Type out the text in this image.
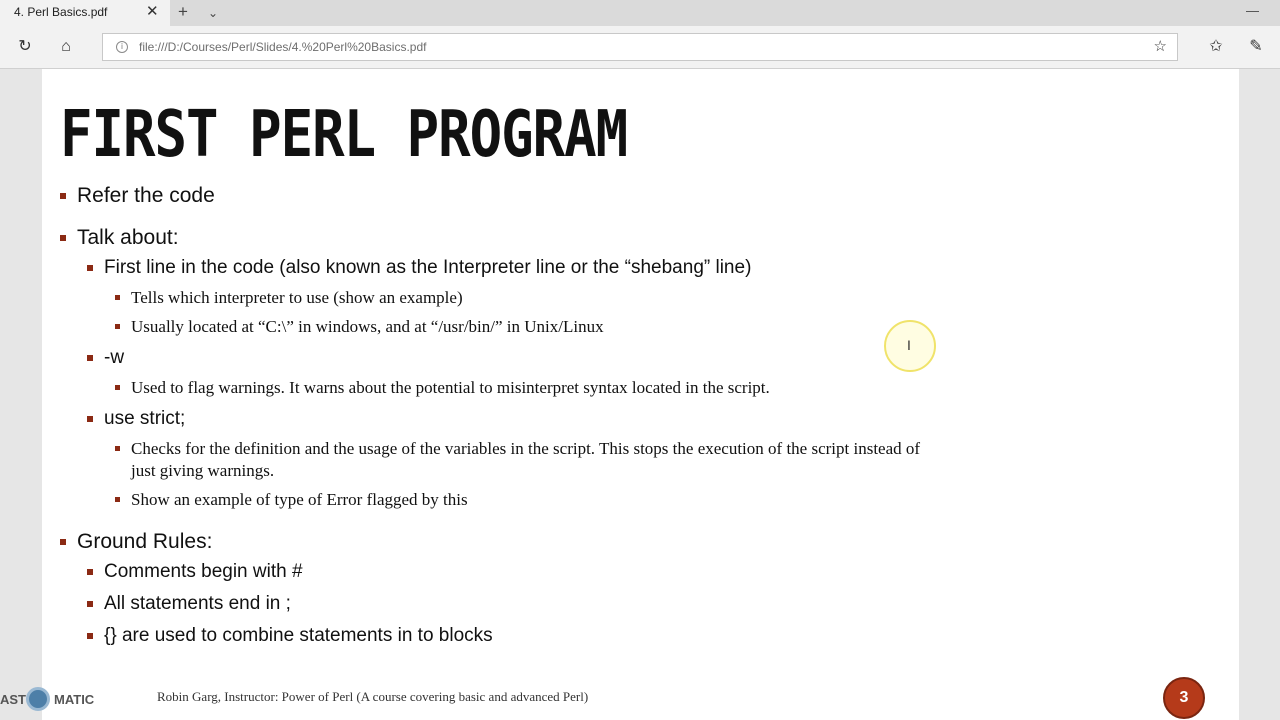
4. Perl Basics.pdf	✕ + ⌄	—
↻	⌂	i	file:///D:/Courses/Perl/Slides/4.%20Perl%20Basics.pdf	☆	✩	✎
FIRST PERL PROGRAM
Refer the code
Talk about:
First line in the code (also known as the Interpreter line or the “shebang” line)
Tells which interpreter to use (show an example)
Usually located at “C:\” in windows, and at “/usr/bin/” in Unix/Linux
-w
Used to flag warnings. It warns about the potential to misinterpret syntax located in the script.
use strict;
Checks for the definition and the usage of the variables in the script. This stops the execution of the script instead of
just giving warnings.
Show an example of type of Error flagged by this
Ground Rules:
Comments begin with #
All statements end in ;
{} are used to combine statements in to blocks
Robin Garg, Instructor: Power of Perl (A course covering basic and advanced Perl)	3
I
AST MATIC
